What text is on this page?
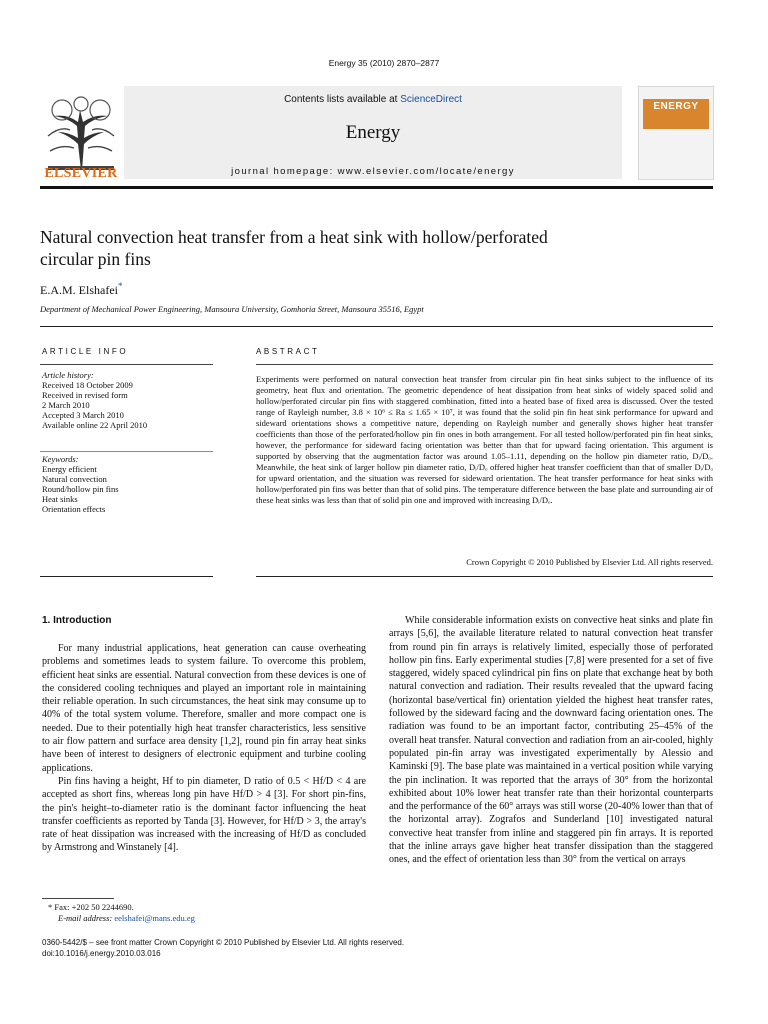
Energy 35 (2010) 2870–2877
ELSEVIER
Contents lists available at ScienceDirect
Energy
journal homepage: www.elsevier.com/locate/energy
ENERGY
Natural convection heat transfer from a heat sink with hollow/perforated circular pin fins
E.A.M. Elshafei*
Department of Mechanical Power Engineering, Mansoura University, Gomhoria Street, Mansoura 35516, Egypt
ARTICLE INFO	ABSTRACT
Article history:
Received 18 October 2009
Received in revised form
2 March 2010
Accepted 3 March 2010
Available online 22 April 2010
Keywords:
Energy efficient
Natural convection
Round/hollow pin fins
Heat sinks
Orientation effects
Experiments were performed on natural convection heat transfer from circular pin fin heat sinks subject to the influence of its geometry, heat flux and orientation. The geometric dependence of heat dissipation from heat sinks of widely spaced solid and hollow/perforated circular pin fins with staggered combination, fitted into a heated base of fixed area is discussed. Over the tested range of Rayleigh number, 3.8 × 10⁶ ≤ Ra ≤ 1.65 × 10⁷, it was found that the solid pin fin heat sink performance for upward and sideward orientations shows a competitive nature, depending on Rayleigh number and generally shows higher heat transfer coefficients than those of the perforated/hollow pin fin ones in both arrangement. For all tested hollow/perforated pin fin heat sinks, however, the performance for sideward facing orientation was better than that for upward facing orientation. This argument is supported by observing that the augmentation factor was around 1.05–1.11, depending on the hollow pin diameter ratio, Dᵢ/Dₒ. Meanwhile, the heat sink of larger hollow pin diameter ratio, Dᵢ/Dₒ offered higher heat transfer coefficient than that of smaller Dᵢ/Dₒ for upward orientation, and the situation was reversed for sideward orientation. The heat transfer performance for heat sinks with hollow/perforated pin fins was better than that of solid pins. The temperature difference between the base plate and surrounding air of these heat sinks was less than that of solid pin one and improved with increasing Dᵢ/Dₒ.
Crown Copyright © 2010 Published by Elsevier Ltd. All rights reserved.
1. Introduction

For many industrial applications, heat generation can cause overheating problems and sometimes leads to system failure. To overcome this problem, efficient heat sinks are essential. Natural convection from these devices is one of the considered cooling techniques and played an important role in maintaining their reliable operation. In such circumstances, the heat sink may consume up to 40% of the total system volume. Therefore, smaller and more compact one is needed. Due to their potentially high heat transfer characteristics, less sensitive to air flow pattern and surface area density [1,2], round pin fin array heat sinks have been of interest to designers of electronic equipment and turbine cooling applications.

Pin fins having a height, Hf to pin diameter, D ratio of 0.5 < Hf/D < 4 are accepted as short fins, whereas long pin have Hf/D > 4 [3]. For short pin-fins, the pin's height–to-diameter ratio is the dominant factor influencing the heat transfer coefficients as reported by Tanda [3]. However, for Hf/D > 3, the array's rate of heat dissipation was increased with the increasing of Hf/D as concluded by Armstrong and Winstanely [4].

While considerable information exists on convective heat sinks and plate fin arrays [5,6], the available literature related to natural convection heat transfer from round pin fin arrays is relatively limited, especially those of perforated hollow pin fins. Early experimental studies [7,8] were presented for a set of five staggered, widely spaced cylindrical pin fins on plate that exchange heat by both natural convection and radiation. Their results revealed that the upward facing (horizontal base/vertical fin) orientation yielded the highest heat transfer rates, followed by the sideward facing and the downward facing orientation ones. The radiation was found to be an important factor, contributing 25–45% of the overall heat transfer. Natural convection and radiation from an air-cooled, highly populated pin-fin array was investigated experimentally by Alessio and Kaminski [9]. The base plate was maintained in a vertical position while varying the pin inclination. It was reported that the arrays of 30° from the horizontal exhibited about 10% lower heat transfer rate than their horizontal counterparts and the performance of the 60° arrays was still worse (20-40% lower than that of the horizontal array). Zografos and Sunderland [10] investigated natural convective heat transfer from inline and staggered pin fin arrays. It is reported that the inline arrays gave higher heat transfer dissipation than the staggered ones, and the effect of orientation less than 30° from the vertical on arrays

* Fax: +202 50 2244690.
E-mail address: eelshafei@mans.edu.eg
0360-5442/$ – see front matter Crown Copyright © 2010 Published by Elsevier Ltd. All rights reserved.
doi:10.1016/j.energy.2010.03.016
